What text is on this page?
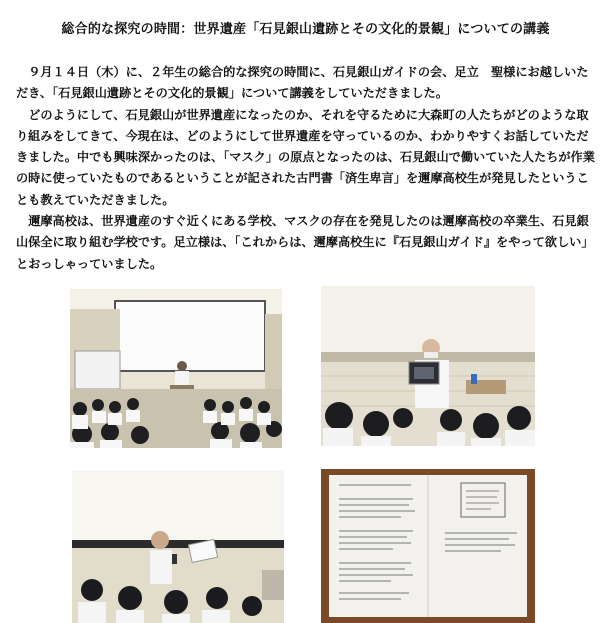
総合的な探究の時間：世界遺産「石見銀山遺跡とその文化的景観」についての講義

９月１４日（木）に、２年生の総合的な探究の時間に、石見銀山ガイドの会、足立　聖様にお越しいただき、「石見銀山遺跡とその文化的景観」について講義をしていただきました。

どのようにして、石見銀山が世界遺産になったのか、それを守るために大森町の人たちがどのような取り組みをしてきて、今現在は、どのようにして世界遺産を守っているのか、わかりやすくお話していただきました。中でも興味深かったのは、「マスク」の原点となったのは、石見銀山で働いていた人たちが作業の時に使っていたものであるということが記された古門書「済生卑言」を邇摩高校生が発見したということも教えていただきました。

邇摩高校は、世界遺産のすぐ近くにある学校、マスクの存在を発見したのは邇摩高校の卒業生、石見銀山保全に取り組む学校です。足立様は、「これからは、邇摩高校生に『石見銀山ガイド』をやって欲しい」とおっしゃっていました。
